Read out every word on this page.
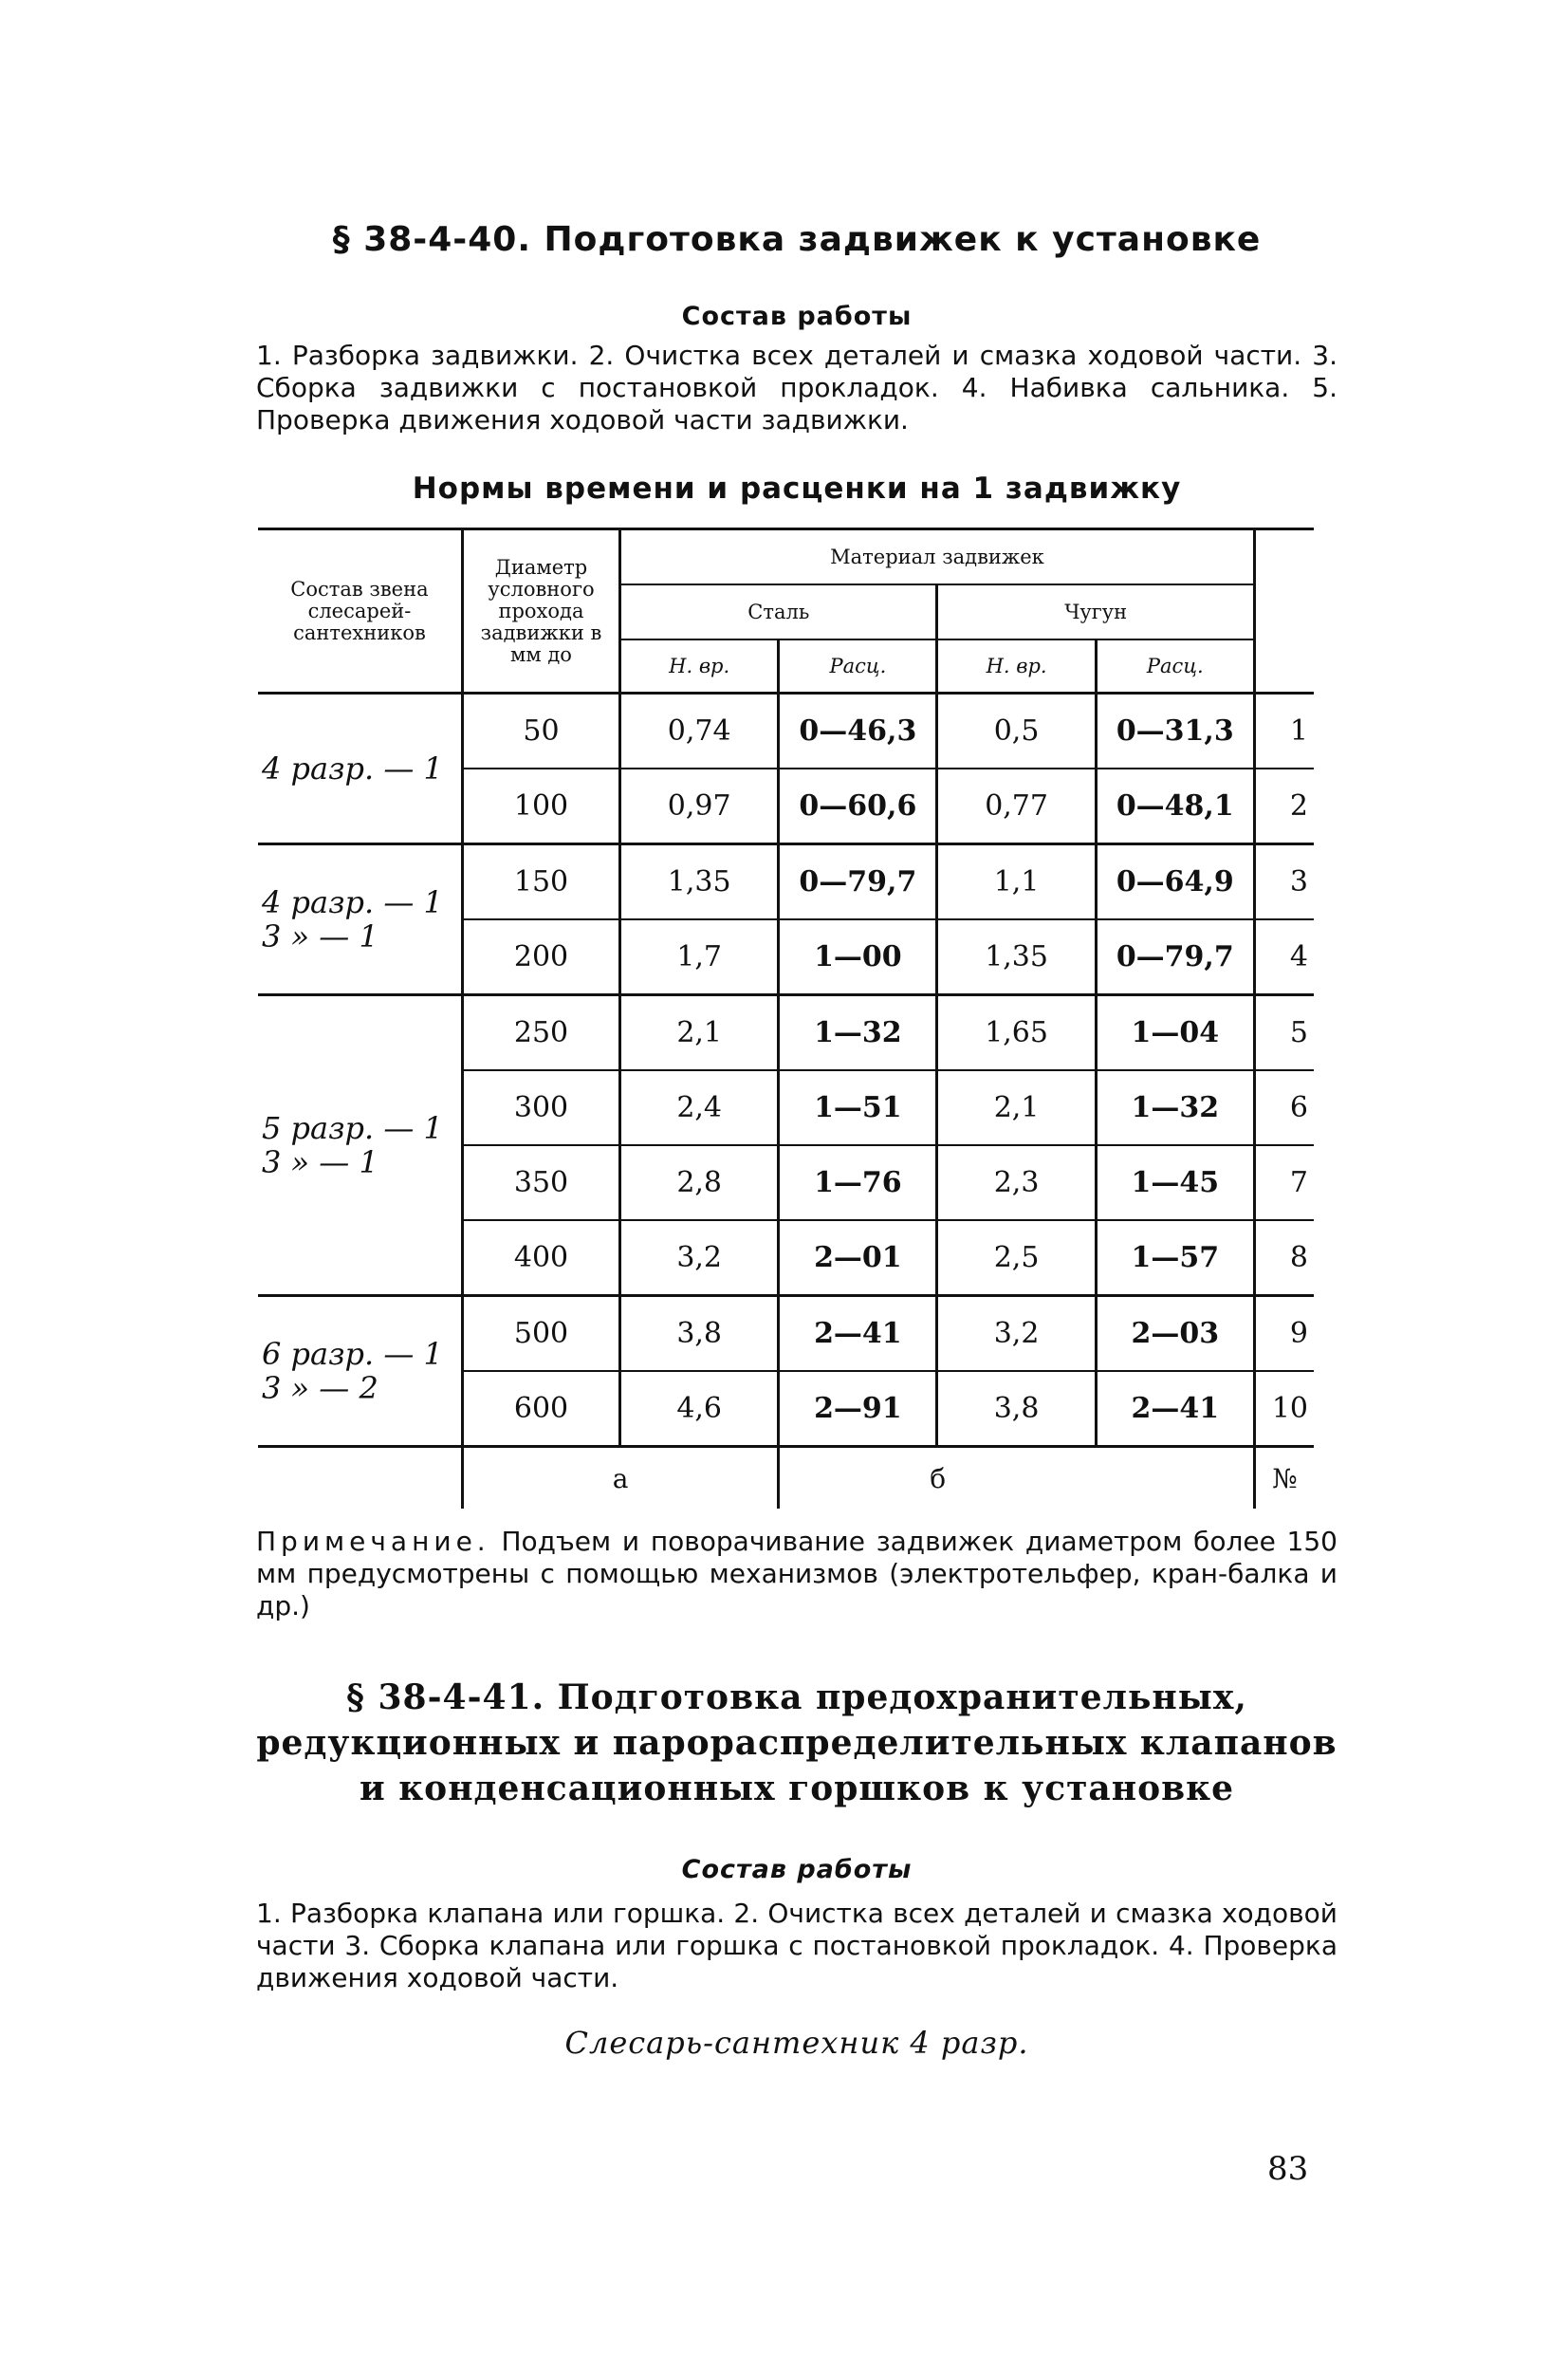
§ 38-4-40. Подготовка задвижек к установке
Состав работы
1. Разборка задвижки. 2. Очистка всех деталей и смазка ходовой части. 3. Сборка задвижки с постановкой прокладок. 4. Набивка сальника. 5. Проверка движения ходовой части задвижки.
Нормы времени и расценки на 1 задвижку
Состав звена слесарей-сантехников	Диаметр условного прохода задвижки в мм до	Материал задвижек				
		Сталь		Чугун		
		Н. вр.	Расц.	Н. вр.	Расц.	

4 разр. — 1	50	0,74	0—46,3	0,5	0—31,3	1
	100	0,97	0—60,6	0,77	0—48,1	2

4 разр. — 1
3 » — 1	150	1,35	0—79,7	1,1	0—64,9	3
	200	1,7	1—00	1,35	0—79,7	4

5 разр. — 1
3 » — 1	250	2,1	1—32	1,65	1—04	5
	300	2,4	1—51	2,1	1—32	6
	350	2,8	1—76	2,3	1—45	7
	400	3,2	2—01	2,5	1—57	8

6 разр. — 1
3 » — 2	500	3,8	2—41	3,2	2—03	9
	600	4,6	2—91	3,8	2—41	10
	а		б			№
Примечание. Подъем и поворачивание задвижек диаметром более 150 мм предусмотрены с помощью механизмов (электротельфер, кран-балка и др.)
§ 38-4-41. Подготовка предохранительных,
редукционных и парораспределительных клапанов
и конденсационных горшков к установке
Состав работы
1. Разборка клапана или горшка. 2. Очистка всех деталей и смазка ходовой части 3. Сборка клапана или горшка с постановкой прокладок. 4. Проверка движения ходовой части.
Слесарь-сантехник 4 разр.
83
